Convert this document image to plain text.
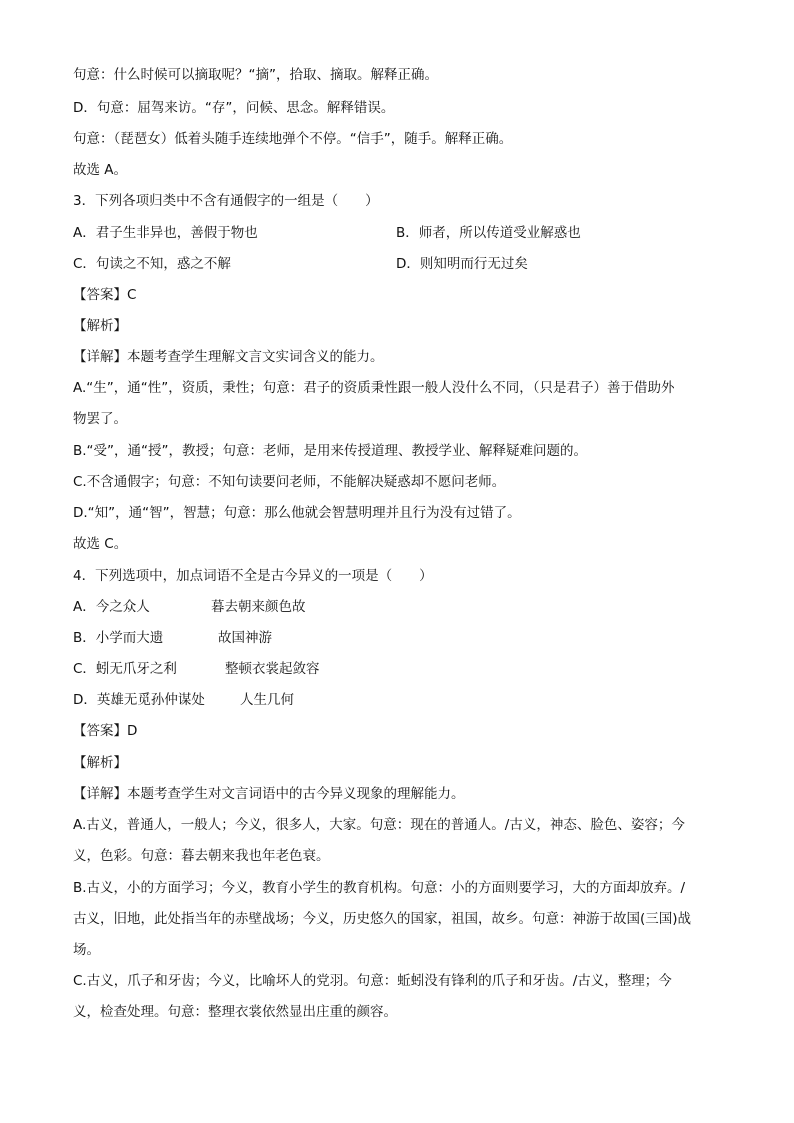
句意：什么时候可以摘取呢？“摘”，拾取、摘取。解释正确。
D．句意：屈驾来访。“存”，问候、思念。解释错误。
句意：（琵琶女）低着头随手连续地弹个不停。“信手”，随手。解释正确。
故选 A。
3．下列各项归类中不含有通假字的一组是（　　）
A．君子生非异也，善假于物也	B．师者，所以传道受业解惑也
C．句读之不知，惑之不解	D．则知明而行无过矣
【答案】C
【解析】
【详解】本题考查学生理解文言文实词含义的能力。
A.“生”，通“性”，资质，秉性；句意：君子的资质秉性跟一般人没什么不同，（只是君子）善于借助外
物罢了。
B.“受”，通“授”，教授；句意：老师，是用来传授道理、教授学业、解释疑难问题的。
C.不含通假字；句意：不知句读要问老师，不能解决疑惑却不愿问老师。
D.“知”，通“智”，智慧；句意：那么他就会智慧明理并且行为没有过错了。
故选 C。
4．下列选项中，加点词语不全是古今异义的一项是（　　）
A．今之众人	暮去朝来颜色故
B．小学而大遗	故国神游
C．蚓无爪牙之利	整顿衣裳起敛容
D．英雄无觅孙仲谋处	人生几何
【答案】D
【解析】
【详解】本题考查学生对文言词语中的古今异义现象的理解能力。
A.古义，普通人，一般人；今义，很多人，大家。句意：现在的普通人。/古义，神态、脸色、姿容；今
义，色彩。句意：暮去朝来我也年老色衰。
B.古义，小的方面学习；今义，教育小学生的教育机构。句意：小的方面则要学习，大的方面却放弃。/
古义，旧地，此处指当年的赤壁战场；今义，历史悠久的国家，祖国，故乡。句意：神游于故国(三国)战
场。
C.古义，爪子和牙齿；今义，比喻坏人的党羽。句意：蚯蚓没有锋利的爪子和牙齿。/古义，整理；今
义，检查处理。句意：整理衣裳依然显出庄重的颜容。
